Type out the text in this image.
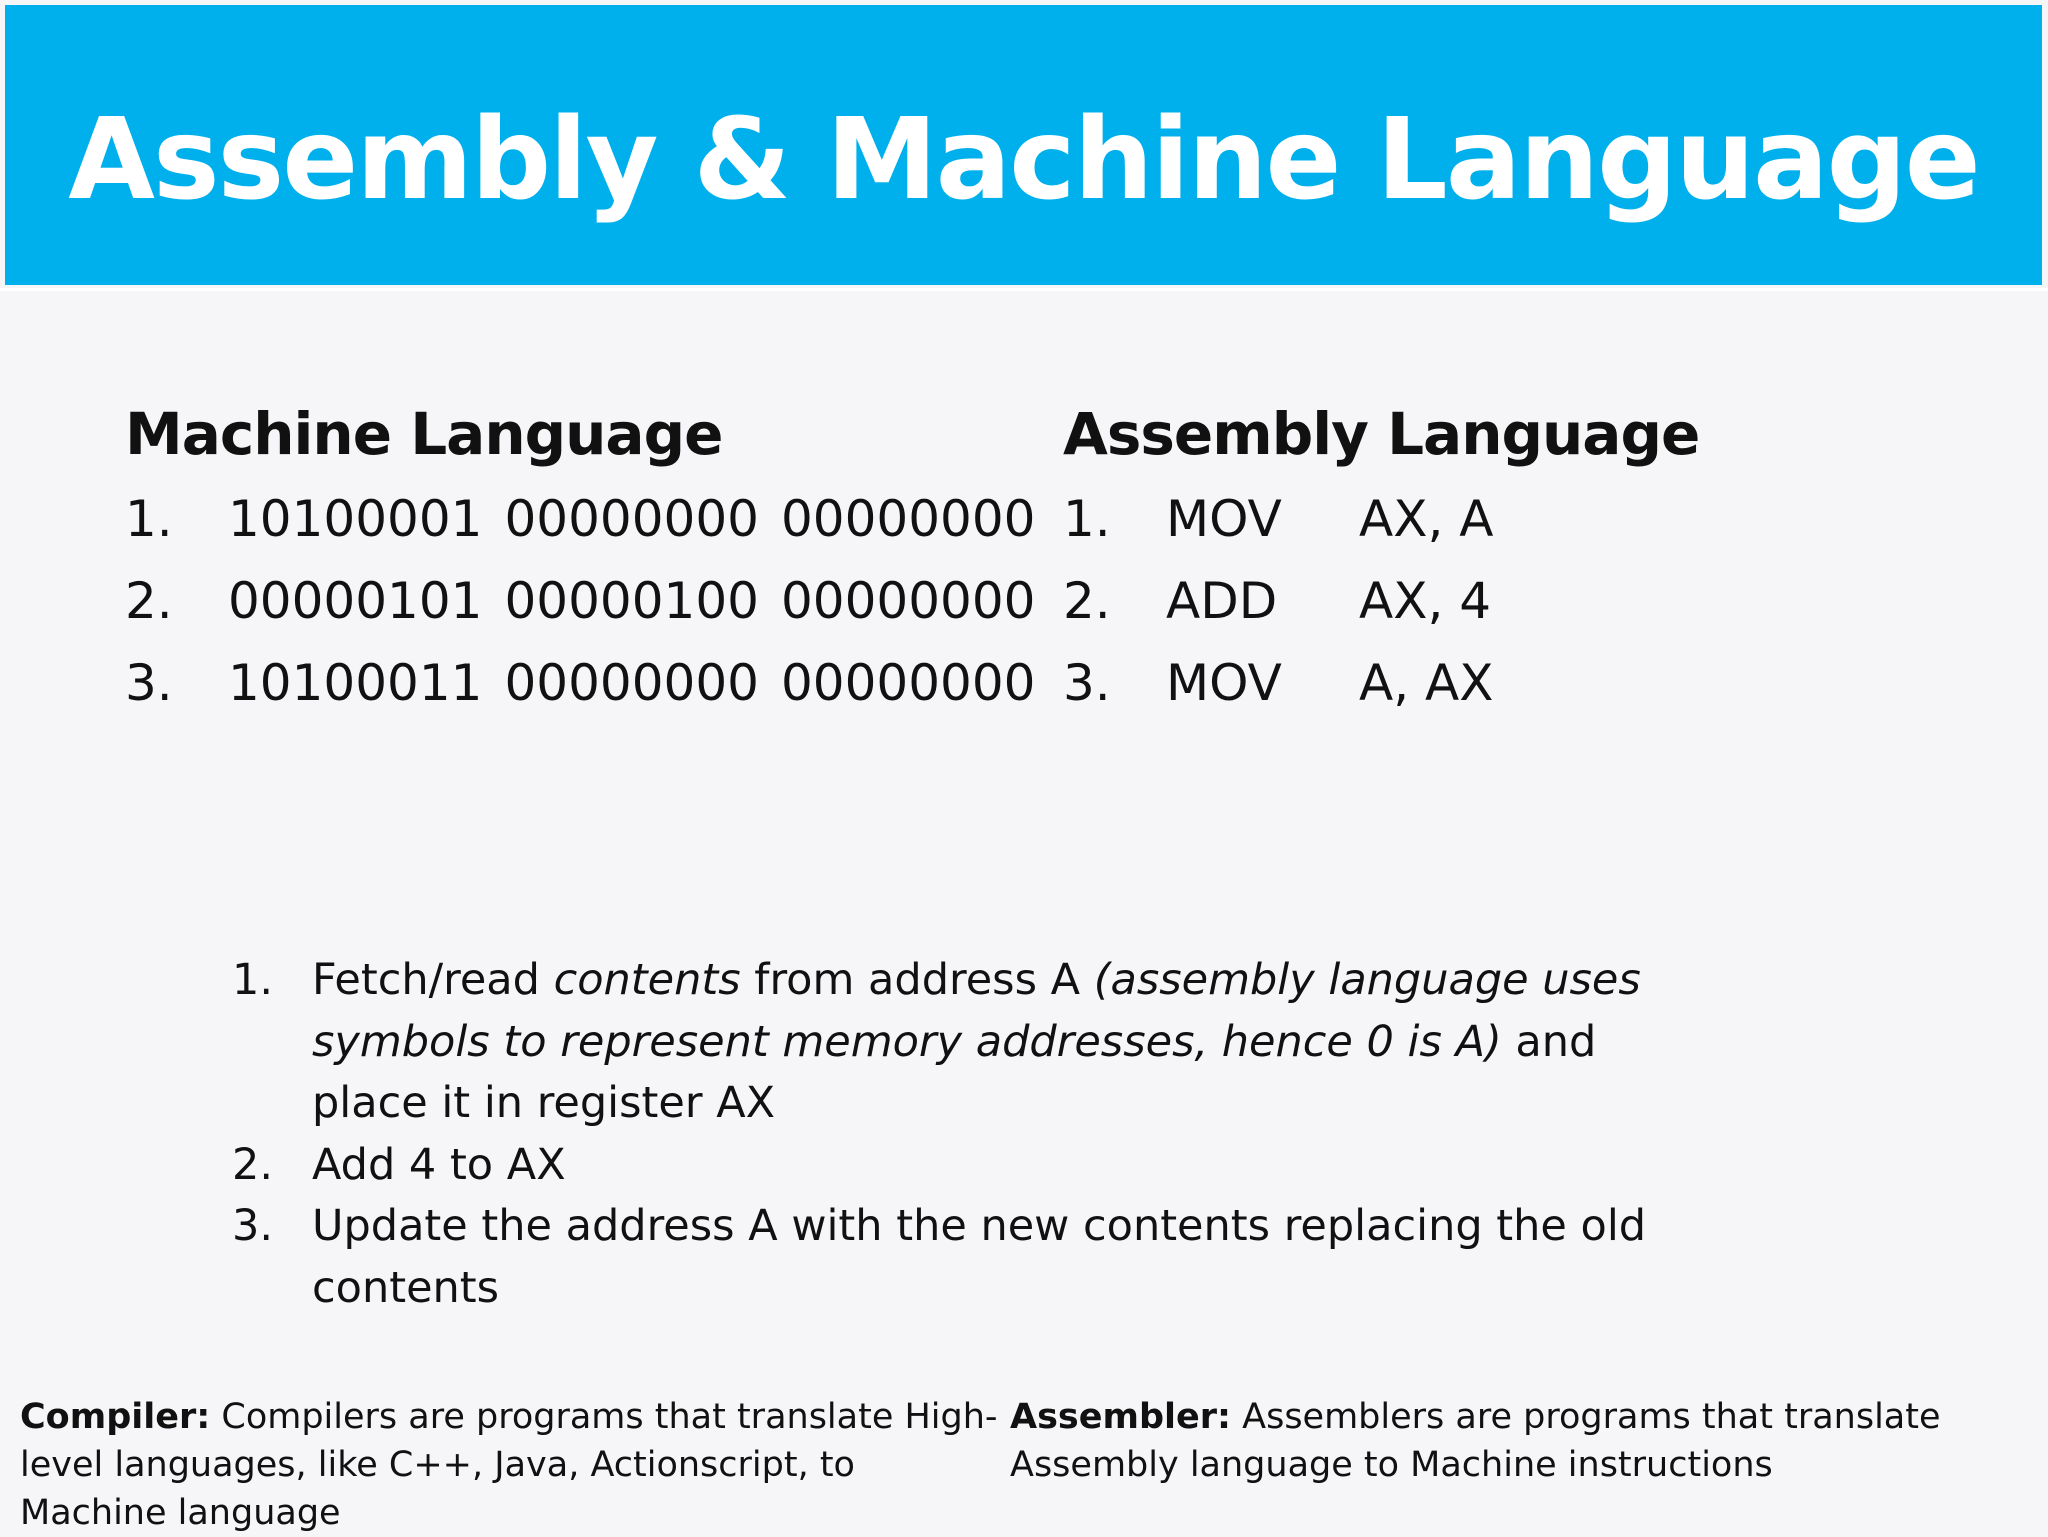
Assembly & Machine Language
Machine Language
1.	10100001 00000000 00000000
2.	00000101 00000100 00000000
3.	10100011 00000000 00000000
Assembly Language
1.	MOV	AX, A
2.	ADD	AX, 4
3.	MOV	A, AX
1. Fetch/read contents from address A (assembly language uses symbols to represent memory addresses, hence 0 is A) and place it in register AX
2. Add 4 to AX
3. Update the address A with the new contents replacing the old contents
Compiler: Compilers are programs that translate High-level languages, like C++, Java, Actionscript, to Machine language
Assembler: Assemblers are programs that translate Assembly language to Machine instructions
